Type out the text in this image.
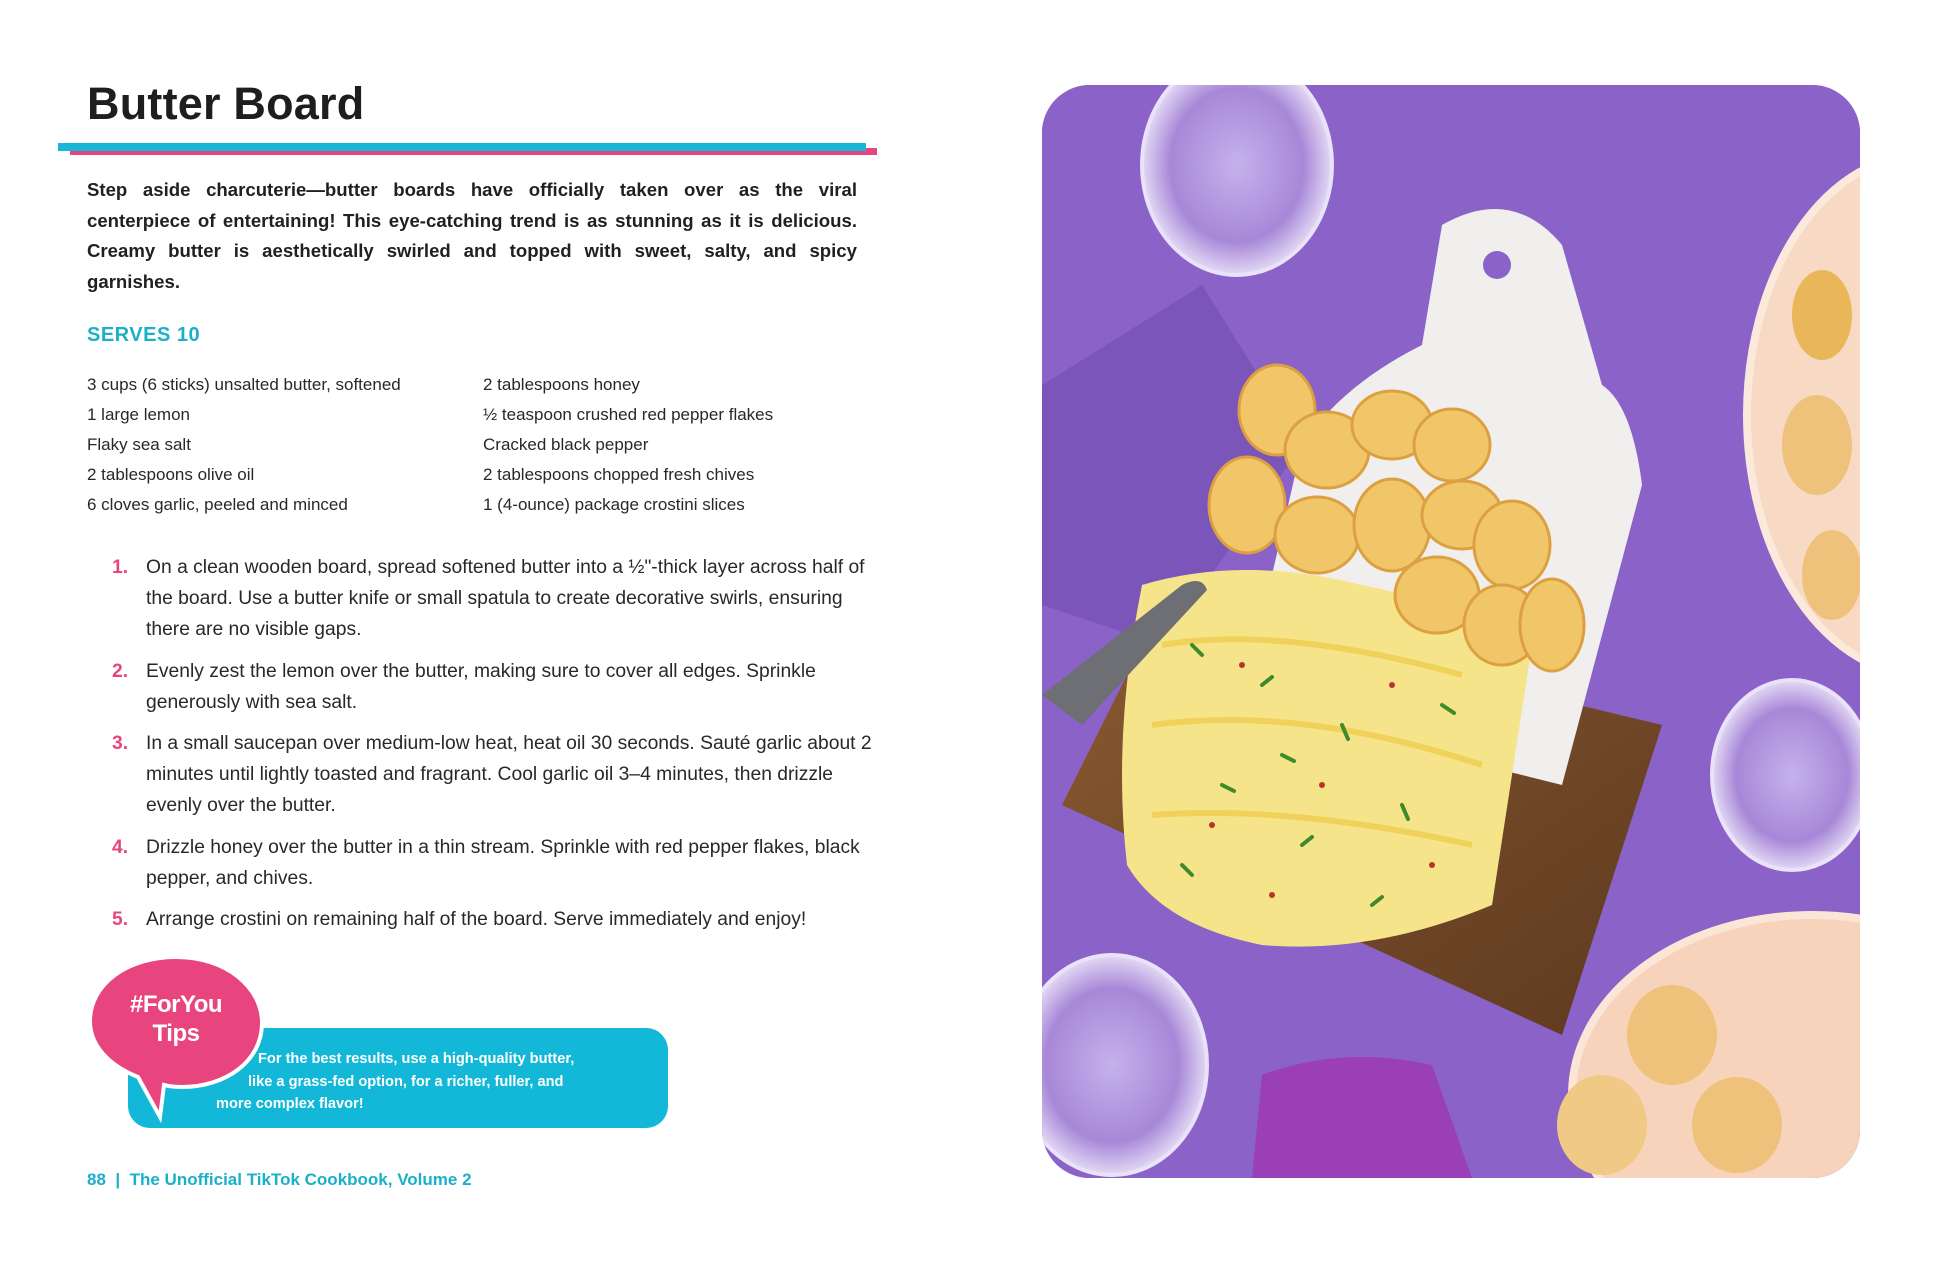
Butter Board

Step aside charcuterie—butter boards have officially taken over as the viral centerpiece of entertaining! This eye-catching trend is as stunning as it is delicious. Creamy butter is aesthetically swirled and topped with sweet, salty, and spicy garnishes.

SERVES 10
3 cups (6 sticks) unsalted butter, softened
1 large lemon
Flaky sea salt
2 tablespoons olive oil
6 cloves garlic, peeled and minced
2 tablespoons honey
½ teaspoon crushed red pepper flakes
Cracked black pepper
2 tablespoons chopped fresh chives
1 (4-ounce) package crostini slices
1. On a clean wooden board, spread softened butter into a ½"-thick layer across half of the board. Use a butter knife or small spatula to create decorative swirls, ensuring there are no visible gaps.
2. Evenly zest the lemon over the butter, making sure to cover all edges. Sprinkle generously with sea salt.
3. In a small saucepan over medium-low heat, heat oil 30 seconds. Sauté garlic about 2 minutes until lightly toasted and fragrant. Cool garlic oil 3–4 minutes, then drizzle evenly over the butter.
4. Drizzle honey over the butter in a thin stream. Sprinkle with red pepper flakes, black pepper, and chives.
5. Arrange crostini on remaining half of the board. Serve immediately and enjoy!
For the best results, use a high-quality butter,
like a grass-fed option, for a richer, fuller, and
more complex flavor!
#ForYou
Tips
88 | The Unofficial TikTok Cookbook, Volume 2
